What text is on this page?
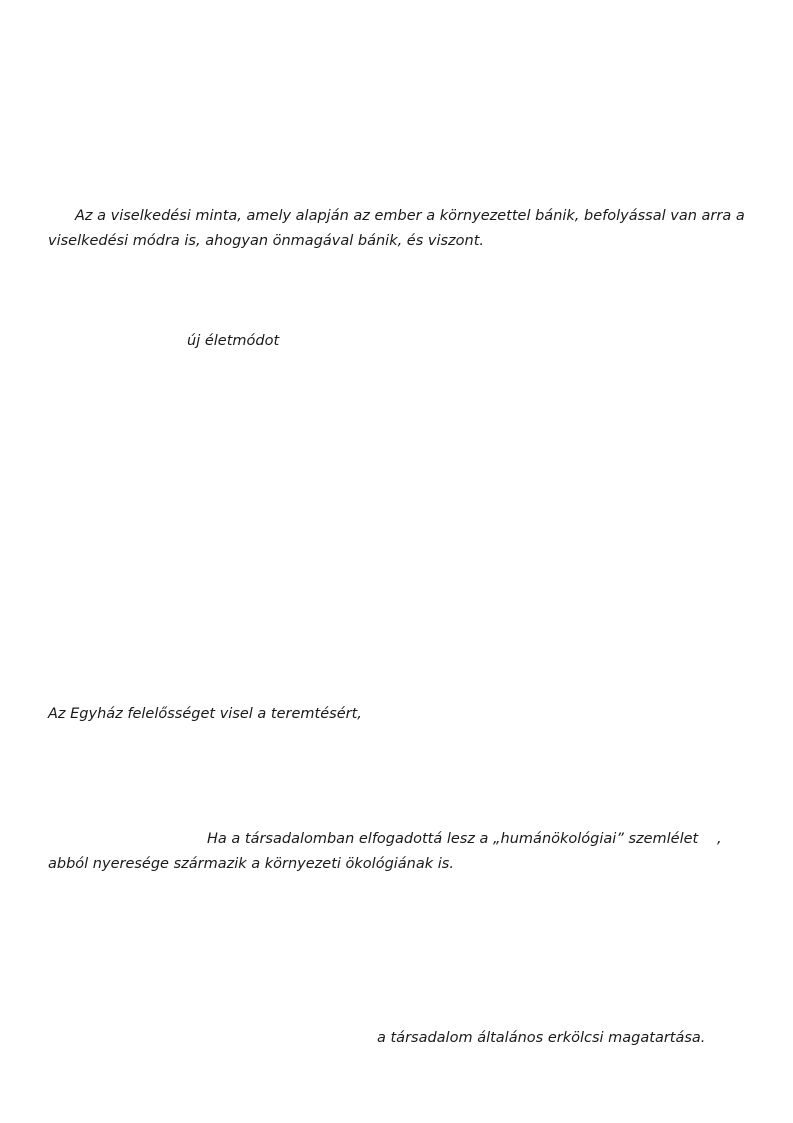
Az a viselkedési minta, amely alapján az ember a környezettel bánik, befolyással van arra a
viselkedési módra is, ahogyan önmagával bánik, és viszont.
új életmódot
Az Egyház felelősséget visel a teremtésért,
Ha a társadalomban elfogadottá lesz a „humánökológiai” szemlélet ,
abból nyeresége származik a környezeti ökológiának is.
a társadalom általános erkölcsi magatartása.
